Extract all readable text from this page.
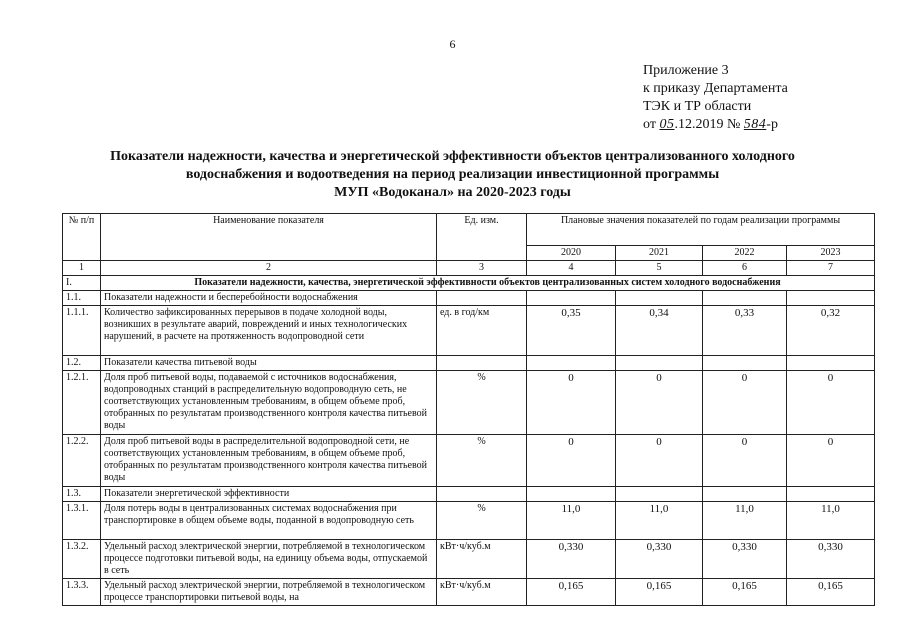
6
Приложение 3
к приказу Департамента
ТЭК и ТР области
от 05.12.2019 № 584-р
Показатели надежности, качества и энергетической эффективности объектов централизованного холодного
водоснабжения и водоотведения на период реализации инвестиционной программы
МУП «Водоканал» на 2020-2023 годы
№ п/п	Наименование показателя	Ед. изм.	Плановые значения показателей по годам реализации программы			
			2020	2021	2022	2023
1	2	3	4	5	6	7
I.	Показатели надежности, качества, энергетической эффективности объектов централизованных систем холодного водоснабжения					
1.1.	Показатели надежности и бесперебойности водоснабжения					
1.1.1.	Количество зафиксированных перерывов в подаче холодной воды, возникших в результате аварий, повреждений и иных технологических нарушений, в расчете на протяженность водопроводной сети	ед. в год/км	0,35	0,34	0,33	0,32
1.2.	Показатели качества питьевой воды					
1.2.1.	Доля проб питьевой воды, подаваемой с источников водоснабжения, водопроводных станций в распределительную водопроводную сеть, не соответствующих установленным требованиям, в общем объеме проб, отобранных по результатам производственного контроля качества питьевой воды	%	0	0	0	0
1.2.2.	Доля проб питьевой воды в распределительной водопроводной сети, не соответствующих установленным требованиям, в общем объеме проб, отобранных по результатам производственного контроля качества питьевой воды	%	0	0	0	0
1.3.	Показатели энергетической эффективности					
1.3.1.	Доля потерь воды в централизованных системах водоснабжения при транспортировке в общем объеме воды, поданной в водопроводную сеть	%	11,0	11,0	11,0	11,0
1.3.2.	Удельный расход электрической энергии, потребляемой в технологическом процессе подготовки питьевой воды, на единицу объема воды, отпускаемой в сеть	кВт·ч/куб.м	0,330	0,330	0,330	0,330
1.3.3.	Удельный расход электрической энергии, потребляемой в технологическом процессе транспортировки питьевой воды, на	кВт·ч/куб.м	0,165	0,165	0,165	0,165
